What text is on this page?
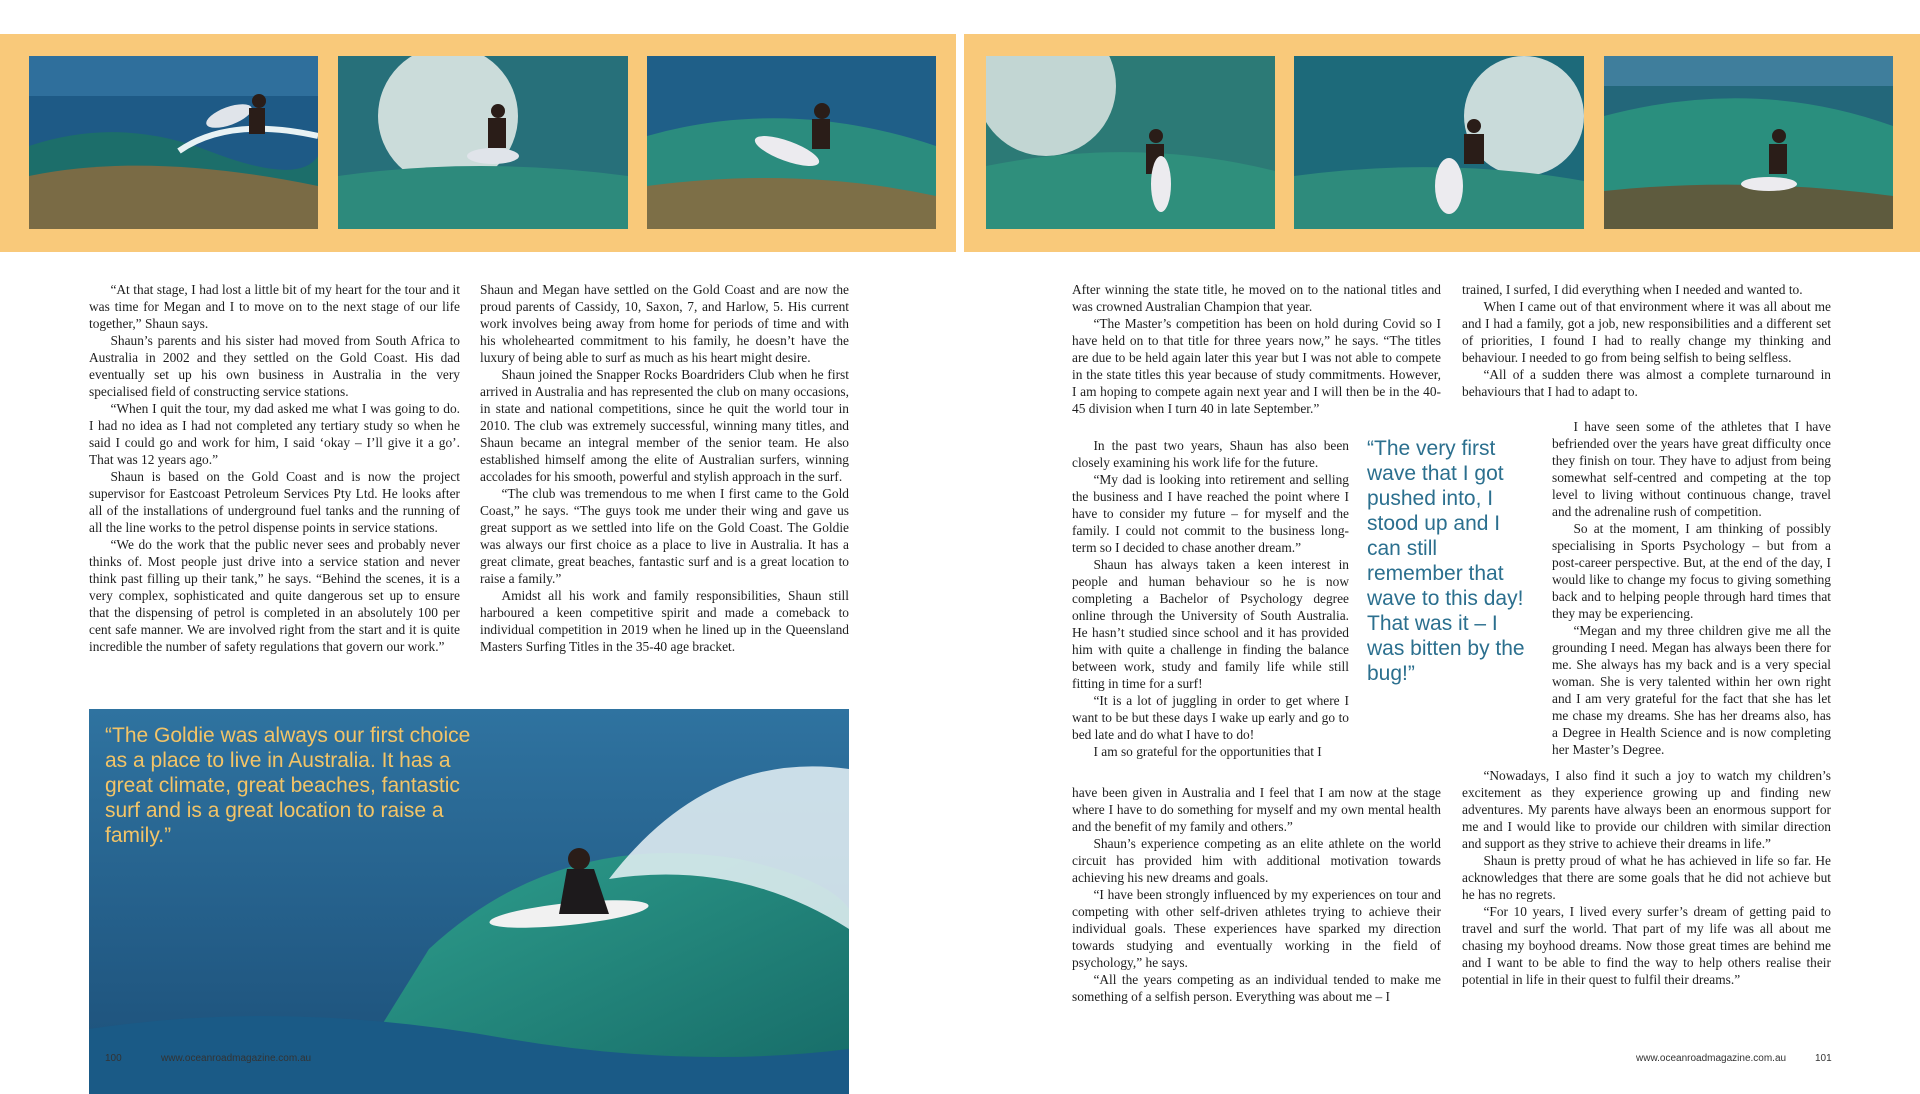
“At that stage, I had lost a little bit of my heart for the tour and it was time for Megan and I to move on to the next stage of our life together,” Shaun says.

Shaun’s parents and his sister had moved from South Africa to Australia in 2002 and they settled on the Gold Coast. His dad eventually set up his own business in Australia in the very specialised field of constructing service stations.

“When I quit the tour, my dad asked me what I was going to do. I had no idea as I had not completed any tertiary study so when he said I could go and work for him, I said ‘okay – I’ll give it a go’. That was 12 years ago.”

Shaun is based on the Gold Coast and is now the project supervisor for Eastcoast Petroleum Services Pty Ltd. He looks after all of the installations of underground fuel tanks and the running of all the line works to the petrol dispense points in service stations.

“We do the work that the public never sees and probably never thinks of. Most people just drive into a service station and never think past filling up their tank,” he says. “Behind the scenes, it is a very complex, sophisticated and quite dangerous set up to ensure that the dispensing of petrol is completed in an absolutely 100 per cent safe manner. We are involved right from the start and it is quite incredible the number of safety regulations that govern our work.”

Shaun and Megan have settled on the Gold Coast and are now the proud parents of Cassidy, 10, Saxon, 7, and Harlow, 5. His current work involves being away from home for periods of time and with his wholehearted commitment to his family, he doesn’t have the luxury of being able to surf as much as his heart might desire.

Shaun joined the Snapper Rocks Boardriders Club when he first arrived in Australia and has represented the club on many occasions, in state and national competitions, since he quit the world tour in 2010. The club was extremely successful, winning many titles, and Shaun became an integral member of the senior team. He also established himself among the elite of Australian surfers, winning accolades for his smooth, powerful and stylish approach in the surf.

“The club was tremendous to me when I first came to the Gold Coast,” he says. “The guys took me under their wing and gave us great support as we settled into life on the Gold Coast. The Goldie was always our first choice as a place to live in Australia. It has a great climate, great beaches, fantastic surf and is a great location to raise a family.”

Amidst all his work and family responsibilities, Shaun still harboured a keen competitive spirit and made a comeback to individual competition in 2019 when he lined up in the Queensland Masters Surfing Titles in the 35-40 age bracket.

“The Goldie was always our first choice as a place to live in Australia. It has a great climate, great beaches, fantastic surf and is a great location to raise a family.”
100	www.oceanroadmagazine.com.au

After winning the state title, he moved on to the national titles and was crowned Australian Champion that year.

“The Master’s competition has been on hold during Covid so I have held on to that title for three years now,” he says. “The titles are due to be held again later this year but I was not able to compete in the state titles this year because of study commitments. However, I am hoping to compete again next year and I will then be in the 40-45 division when I turn 40 in late September.”

In the past two years, Shaun has also been closely examining his work life for the future.

“My dad is looking into retirement and selling the business and I have reached the point where I have to consider my future – for myself and the family. I could not commit to the business long-term so I decided to chase another dream.”

Shaun has always taken a keen interest in people and human behaviour so he is now completing a Bachelor of Psychology degree online through the University of South Australia. He hasn’t studied since school and it has provided him with quite a challenge in finding the balance between work, study and family life while still fitting in time for a surf!

“It is a lot of juggling in order to get where I want to be but these days I wake up early and go to bed late and do what I have to do!

I am so grateful for the opportunities that I

“The very first wave that I got pushed into, I stood up and I can still remember that wave to this day! That was it – I was bitten by the bug!”

have been given in Australia and I feel that I am now at the stage where I have to do something for myself and my own mental health and the benefit of my family and others.”

Shaun’s experience competing as an elite athlete on the world circuit has provided him with additional motivation towards achieving his new dreams and goals.

“I have been strongly influenced by my experiences on tour and competing with other self-driven athletes trying to achieve their individual goals. These experiences have sparked my direction towards studying and eventually working in the field of psychology,” he says.

“All the years competing as an individual tended to make me something of a selfish person. Everything was about me – I

trained, I surfed, I did everything when I needed and wanted to.

When I came out of that environment where it was all about me and I had a family, got a job, new responsibilities and a different set of priorities, I found I had to really change my thinking and behaviour. I needed to go from being selfish to being selfless.

“All of a sudden there was almost a complete turnaround in behaviours that I had to adapt to.

I have seen some of the athletes that I have befriended over the years have great difficulty once they finish on tour. They have to adjust from being somewhat self-centred and competing at the top level to living without continuous change, travel and the adrenaline rush of competition.

So at the moment, I am thinking of possibly specialising in Sports Psychology – but from a post-career perspective. But, at the end of the day, I would like to change my focus to giving something back and to helping people through hard times that they may be experiencing.

“Megan and my three children give me all the grounding I need. Megan has always been there for me. She always has my back and is a very special woman. She is very talented within her own right and I am very grateful for the fact that she has let me chase my dreams. She has her dreams also, has a Degree in Health Science and is now completing her Master’s Degree.

“Nowadays, I also find it such a joy to watch my children’s excitement as they experience growing up and finding new adventures. My parents have always been an enormous support for me and I would like to provide our children with similar direction and support as they strive to achieve their dreams in life.”

Shaun is pretty proud of what he has achieved in life so far. He acknowledges that there are some goals that he did not achieve but he has no regrets.

“For 10 years, I lived every surfer’s dream of getting paid to travel and surf the world. That part of my life was all about me chasing my boyhood dreams. Now those great times are behind me and I want to be able to find the way to help others realise their potential in life in their quest to fulfil their dreams.”

www.oceanroadmagazine.com.au	101
